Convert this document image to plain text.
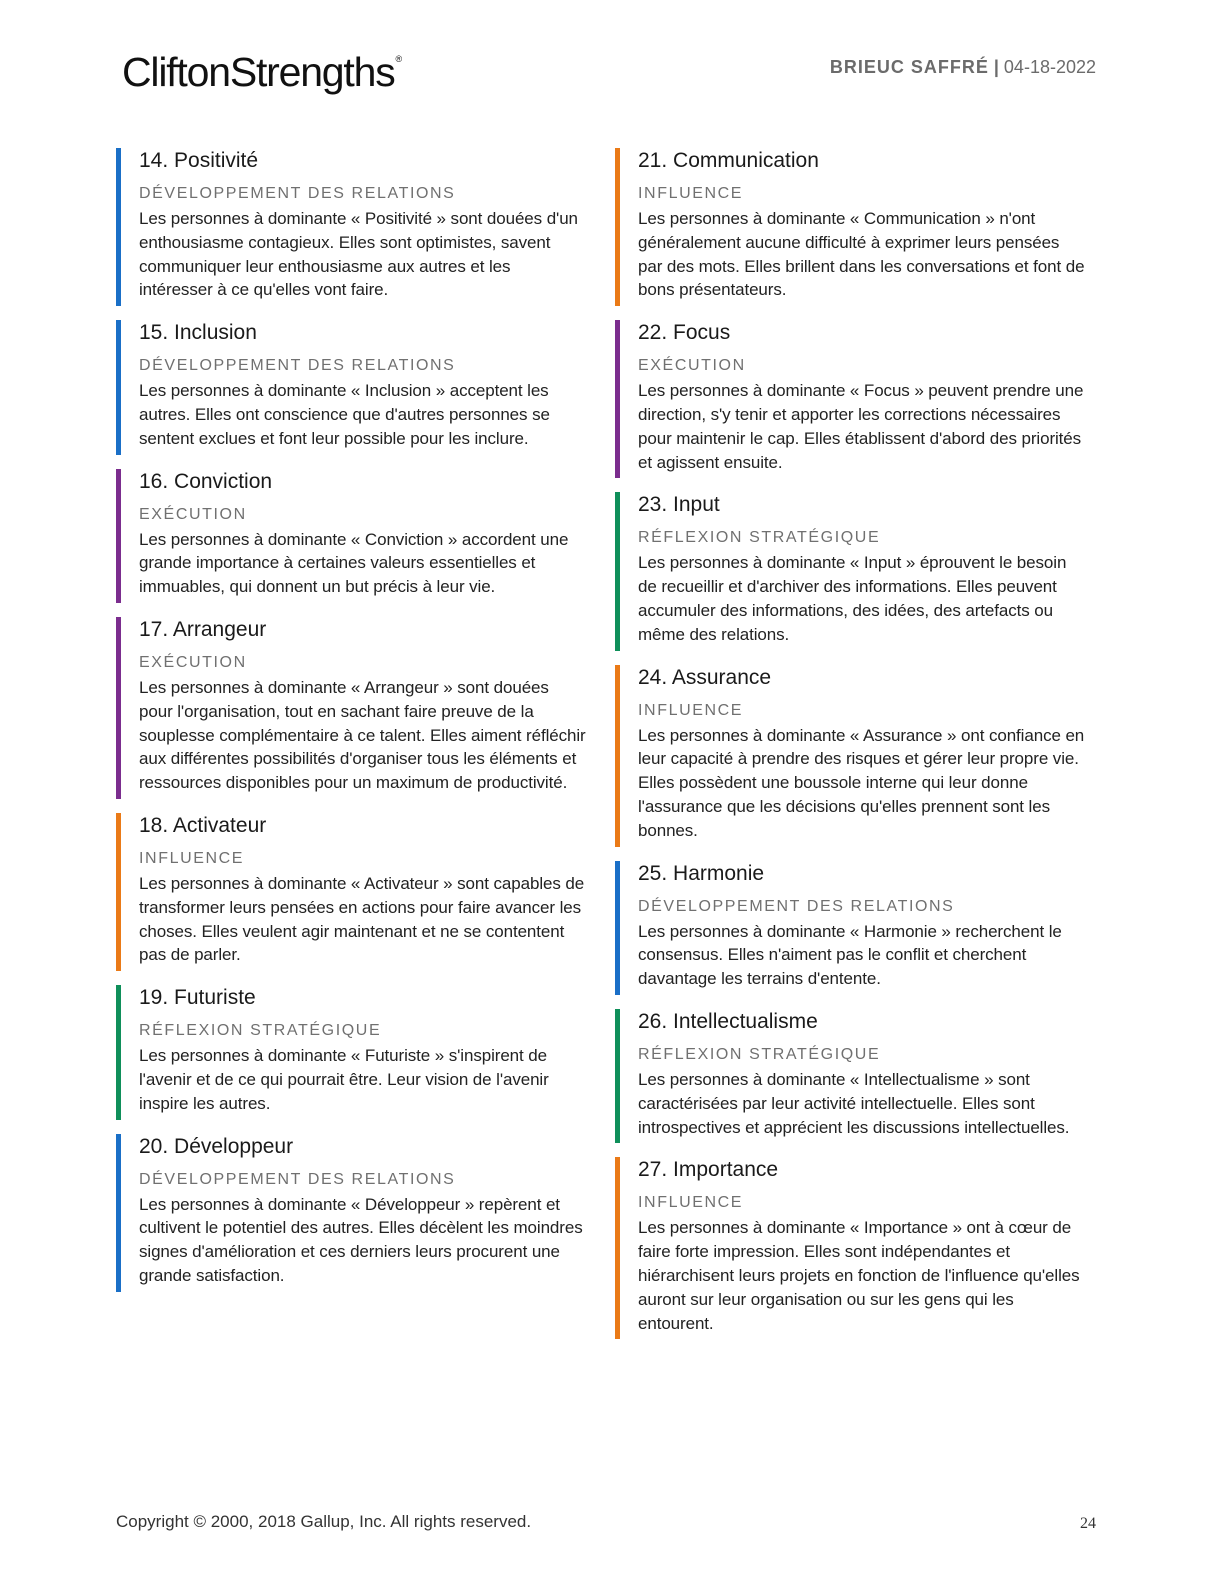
CliftonStrengths®	BRIEUC SAFFRÉ | 04-18-2022
14. Positivité
DÉVELOPPEMENT DES RELATIONS
Les personnes à dominante « Positivité » sont douées d'un enthousiasme contagieux. Elles sont optimistes, savent communiquer leur enthousiasme aux autres et les intéresser à ce qu'elles vont faire.
15. Inclusion
DÉVELOPPEMENT DES RELATIONS
Les personnes à dominante « Inclusion » acceptent les autres. Elles ont conscience que d'autres personnes se sentent exclues et font leur possible pour les inclure.
16. Conviction
EXÉCUTION
Les personnes à dominante « Conviction » accordent une grande importance à certaines valeurs essentielles et immuables, qui donnent un but précis à leur vie.
17. Arrangeur
EXÉCUTION
Les personnes à dominante « Arrangeur » sont douées pour l'organisation, tout en sachant faire preuve de la souplesse complémentaire à ce talent. Elles aiment réfléchir aux différentes possibilités d'organiser tous les éléments et ressources disponibles pour un maximum de productivité.
18. Activateur
INFLUENCE
Les personnes à dominante « Activateur » sont capables de transformer leurs pensées en actions pour faire avancer les choses. Elles veulent agir maintenant et ne se contentent pas de parler.
19. Futuriste
RÉFLEXION STRATÉGIQUE
Les personnes à dominante « Futuriste » s'inspirent de l'avenir et de ce qui pourrait être. Leur vision de l'avenir inspire les autres.
20. Développeur
DÉVELOPPEMENT DES RELATIONS
Les personnes à dominante « Développeur » repèrent et cultivent le potentiel des autres. Elles décèlent les moindres signes d'amélioration et ces derniers leurs procurent une grande satisfaction.
21. Communication
INFLUENCE
Les personnes à dominante « Communication » n'ont généralement aucune difficulté à exprimer leurs pensées par des mots. Elles brillent dans les conversations et font de bons présentateurs.
22. Focus
EXÉCUTION
Les personnes à dominante « Focus » peuvent prendre une direction, s'y tenir et apporter les corrections nécessaires pour maintenir le cap. Elles établissent d'abord des priorités et agissent ensuite.
23. Input
RÉFLEXION STRATÉGIQUE
Les personnes à dominante « Input » éprouvent le besoin de recueillir et d'archiver des informations. Elles peuvent accumuler des informations, des idées, des artefacts ou même des relations.
24. Assurance
INFLUENCE
Les personnes à dominante « Assurance » ont confiance en leur capacité à prendre des risques et gérer leur propre vie. Elles possèdent une boussole interne qui leur donne l'assurance que les décisions qu'elles prennent sont les bonnes.
25. Harmonie
DÉVELOPPEMENT DES RELATIONS
Les personnes à dominante « Harmonie » recherchent le consensus. Elles n'aiment pas le conflit et cherchent davantage les terrains d'entente.
26. Intellectualisme
RÉFLEXION STRATÉGIQUE
Les personnes à dominante « Intellectualisme » sont caractérisées par leur activité intellectuelle. Elles sont introspectives et apprécient les discussions intellectuelles.
27. Importance
INFLUENCE
Les personnes à dominante « Importance » ont à cœur de faire forte impression. Elles sont indépendantes et hiérarchisent leurs projets en fonction de l'influence qu'elles auront sur leur organisation ou sur les gens qui les entourent.
Copyright © 2000, 2018 Gallup, Inc. All rights reserved.	24
